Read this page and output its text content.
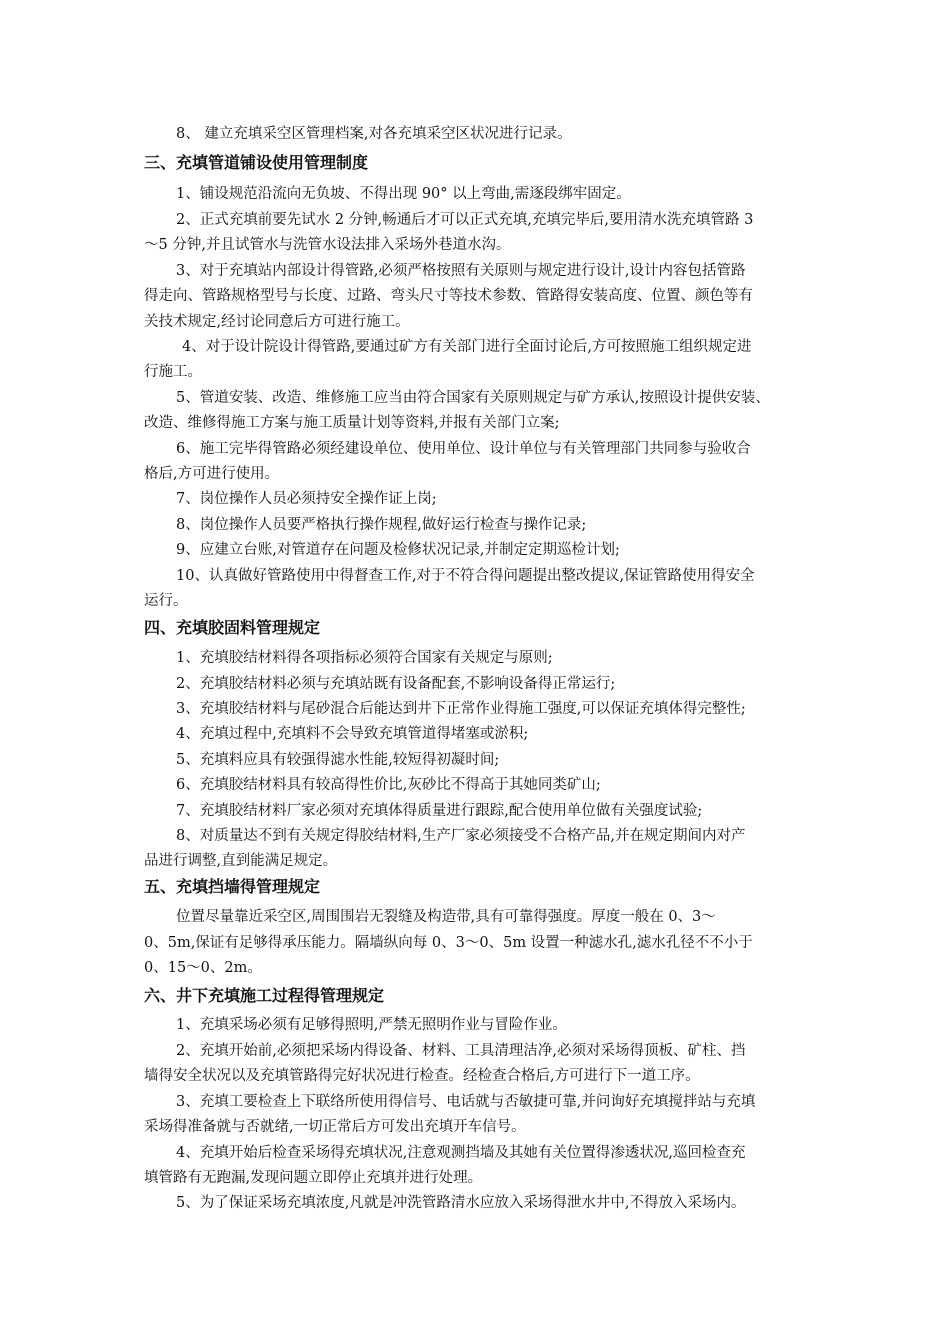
8、 建立充填采空区管理档案,对各充填采空区状况进行记录。

三、充填管道铺设使用管理制度

1、铺设规范沿流向无负坡、不得出现 90° 以上弯曲,需逐段绑牢固定。

2、正式充填前要先试水 2 分钟,畅通后才可以正式充填,充填完毕后,要用清水洗充填管路 3

～5 分钟,并且试管水与洗管水设法排入采场外巷道水沟。

3、对于充填站内部设计得管路,必须严格按照有关原则与规定进行设计,设计内容包括管路

得走向、管路规格型号与长度、过路、弯头尺寸等技术参数、管路得安装高度、位置、颜色等有

关技术规定,经讨论同意后方可进行施工。

4、对于设计院设计得管路,要通过矿方有关部门进行全面讨论后,方可按照施工组织规定进

行施工。

5、管道安装、改造、维修施工应当由符合国家有关原则规定与矿方承认,按照设计提供安装、

改造、维修得施工方案与施工质量计划等资料,并报有关部门立案;

6、施工完毕得管路必须经建设单位、使用单位、设计单位与有关管理部门共同参与验收合

格后,方可进行使用。

7、岗位操作人员必须持安全操作证上岗;

8、岗位操作人员要严格执行操作规程,做好运行检查与操作记录;

9、应建立台账,对管道存在问题及检修状况记录,并制定定期巡检计划;

10、认真做好管路使用中得督查工作,对于不符合得问题提出整改提议,保证管路使用得安全

运行。

四、充填胶固料管理规定

1、充填胶结材料得各项指标必须符合国家有关规定与原则;

2、充填胶结材料必须与充填站既有设备配套,不影响设备得正常运行;

3、充填胶结材料与尾砂混合后能达到井下正常作业得施工强度,可以保证充填体得完整性;

4、充填过程中,充填料不会导致充填管道得堵塞或淤积;

5、充填料应具有较强得滤水性能,较短得初凝时间;

6、充填胶结材料具有较高得性价比,灰砂比不得高于其她同类矿山;

7、充填胶结材料厂家必须对充填体得质量进行跟踪,配合使用单位做有关强度试验;

8、对质量达不到有关规定得胶结材料,生产厂家必须接受不合格产品,并在规定期间内对产

品进行调整,直到能满足规定。

五、充填挡墙得管理规定

位置尽量靠近采空区,周围围岩无裂缝及构造带,具有可靠得强度。厚度一般在 0、3～

0、5m,保证有足够得承压能力。隔墙纵向每 0、3～0、5m 设置一种滤水孔,滤水孔径不不小于

0、15～0、2m。

六、井下充填施工过程得管理规定

1、充填采场必须有足够得照明,严禁无照明作业与冒险作业。

2、充填开始前,必须把采场内得设备、材料、工具清理洁净,必须对采场得顶板、矿柱、挡

墙得安全状况以及充填管路得完好状况进行检查。经检查合格后,方可进行下一道工序。

3、充填工要检查上下联络所使用得信号、电话就与否敏捷可靠,并问询好充填搅拌站与充填

采场得准备就与否就绪,一切正常后方可发出充填开车信号。

4、充填开始后检查采场得充填状况,注意观测挡墙及其她有关位置得渗透状况,巡回检查充

填管路有无跑漏,发现问题立即停止充填并进行处理。

5、为了保证采场充填浓度,凡就是冲洗管路清水应放入采场得泄水井中,不得放入采场内。
